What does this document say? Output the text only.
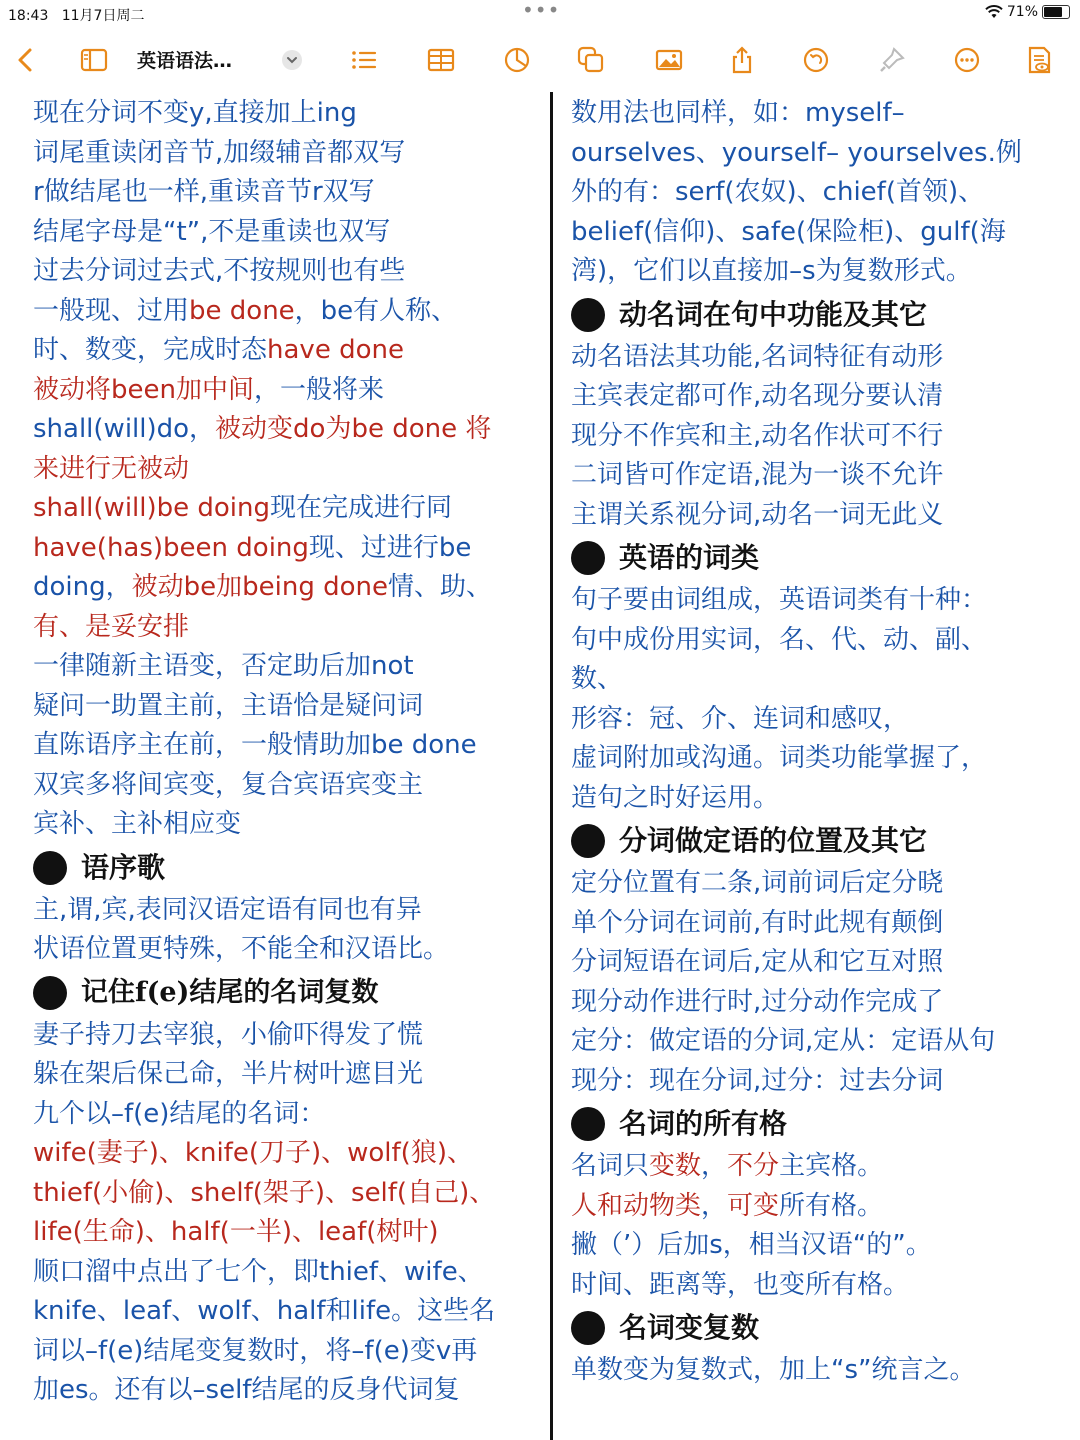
18:43 11月7日周二	•••	71%
英语语法…
现在分词不变y,直接加上ing
词尾重读闭音节,加缀辅音都双写
r做结尾也一样,重读音节r双写
结尾字母是“t”,不是重读也双写
过去分词过去式,不按规则也有些
一般现、过用be done，be有人称、
时、数变，完成时态have done
被动将been加中间，一般将来
shall(will)do，被动变do为be done 将
来进行无被动
shall(will)be doing现在完成进行同
have(has)been doing现、过进行be
doing，被动be加being done情、助、
有、是妥安排
一律随新主语变，否定助后加not
疑问一助置主前，主语恰是疑问词
直陈语序主在前，一般情助加be done
双宾多将间宾变，复合宾语宾变主
宾补、主补相应变
语序歌
主,谓,宾,表同汉语定语有同也有异
状语位置更特殊，不能全和汉语比。
记住f(e)结尾的名词复数
妻子持刀去宰狼，小偷吓得发了慌
躲在架后保己命，半片树叶遮目光
九个以–f(e)结尾的名词：
wife(妻子)、knife(刀子)、wolf(狼)、
thief(小偷)、shelf(架子)、self(自己)、
life(生命)、half(一半)、leaf(树叶)
顺口溜中点出了七个，即thief、wife、
knife、leaf、wolf、half和life。这些名
词以–f(e)结尾变复数时，将–f(e)变v再
加es。还有以–self结尾的反身代词复
数用法也同样，如：myself–
ourselves、yourself– yourselves.例
外的有：serf(农奴)、chief(首领)、
belief(信仰)、safe(保险柜)、gulf(海
湾)，它们以直接加–s为复数形式。
动名词在句中功能及其它
动名语法其功能,名词特征有动形
主宾表定都可作,动名现分要认清
现分不作宾和主,动名作状可不行
二词皆可作定语,混为一谈不允许
主谓关系视分词,动名一词无此义
英语的词类
句子要由词组成，英语词类有十种：
句中成份用实词，名、代、动、副、
数、
形容：冠、介、连词和感叹，
虚词附加或沟通。词类功能掌握了，
造句之时好运用。
分词做定语的位置及其它
定分位置有二条,词前词后定分晓
单个分词在词前,有时此规有颠倒
分词短语在词后,定从和它互对照
现分动作进行时,过分动作完成了
定分：做定语的分词,定从：定语从句
现分：现在分词,过分：过去分词
名词的所有格
名词只变数，不分主宾格。
人和动物类，可变所有格。
撇（’）后加s，相当汉语“的”。
时间、距离等，也变所有格。
名词变复数
单数变为复数式，加上“s”统言之。
